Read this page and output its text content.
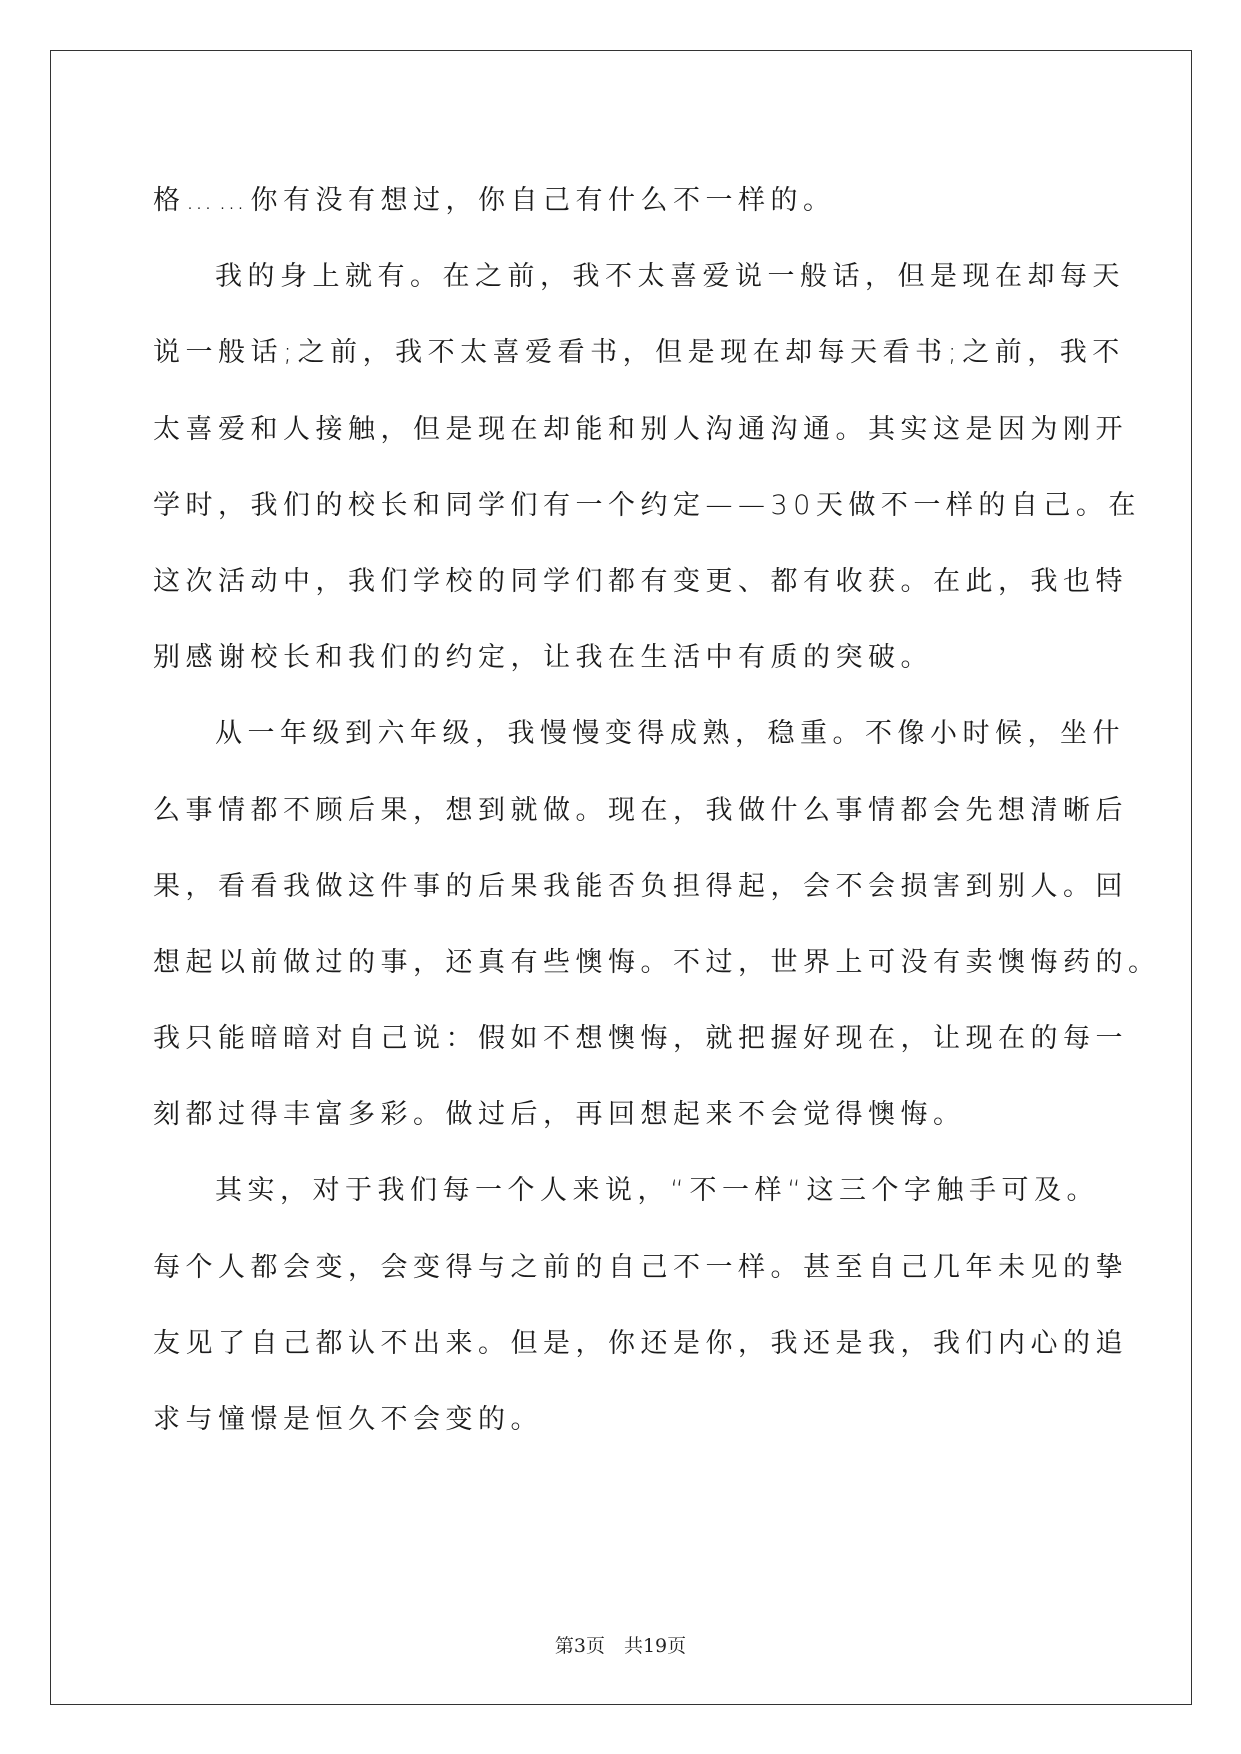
格……你有没有想过，你自己有什么不一样的。
我的身上就有。在之前，我不太喜爱说一般话，但是现在却每天
说一般话;之前，我不太喜爱看书，但是现在却每天看书;之前，我不
太喜爱和人接触，但是现在却能和别人沟通沟通。其实这是因为刚开
学时，我们的校长和同学们有一个约定——30天做不一样的自己。在
这次活动中，我们学校的同学们都有变更、都有收获。在此，我也特
别感谢校长和我们的约定，让我在生活中有质的突破。
从一年级到六年级，我慢慢变得成熟，稳重。不像小时候，坐什
么事情都不顾后果，想到就做。现在，我做什么事情都会先想清晰后
果，看看我做这件事的后果我能否负担得起，会不会损害到别人。回
想起以前做过的事，还真有些懊悔。不过，世界上可没有卖懊悔药的。
我只能暗暗对自己说：假如不想懊悔，就把握好现在，让现在的每一
刻都过得丰富多彩。做过后，再回想起来不会觉得懊悔。
其实，对于我们每一个人来说，“不一样“这三个字触手可及。
每个人都会变，会变得与之前的自己不一样。甚至自己几年未见的挚
友见了自己都认不出来。但是，你还是你，我还是我，我们内心的追
求与憧憬是恒久不会变的。
第3页　共19页
